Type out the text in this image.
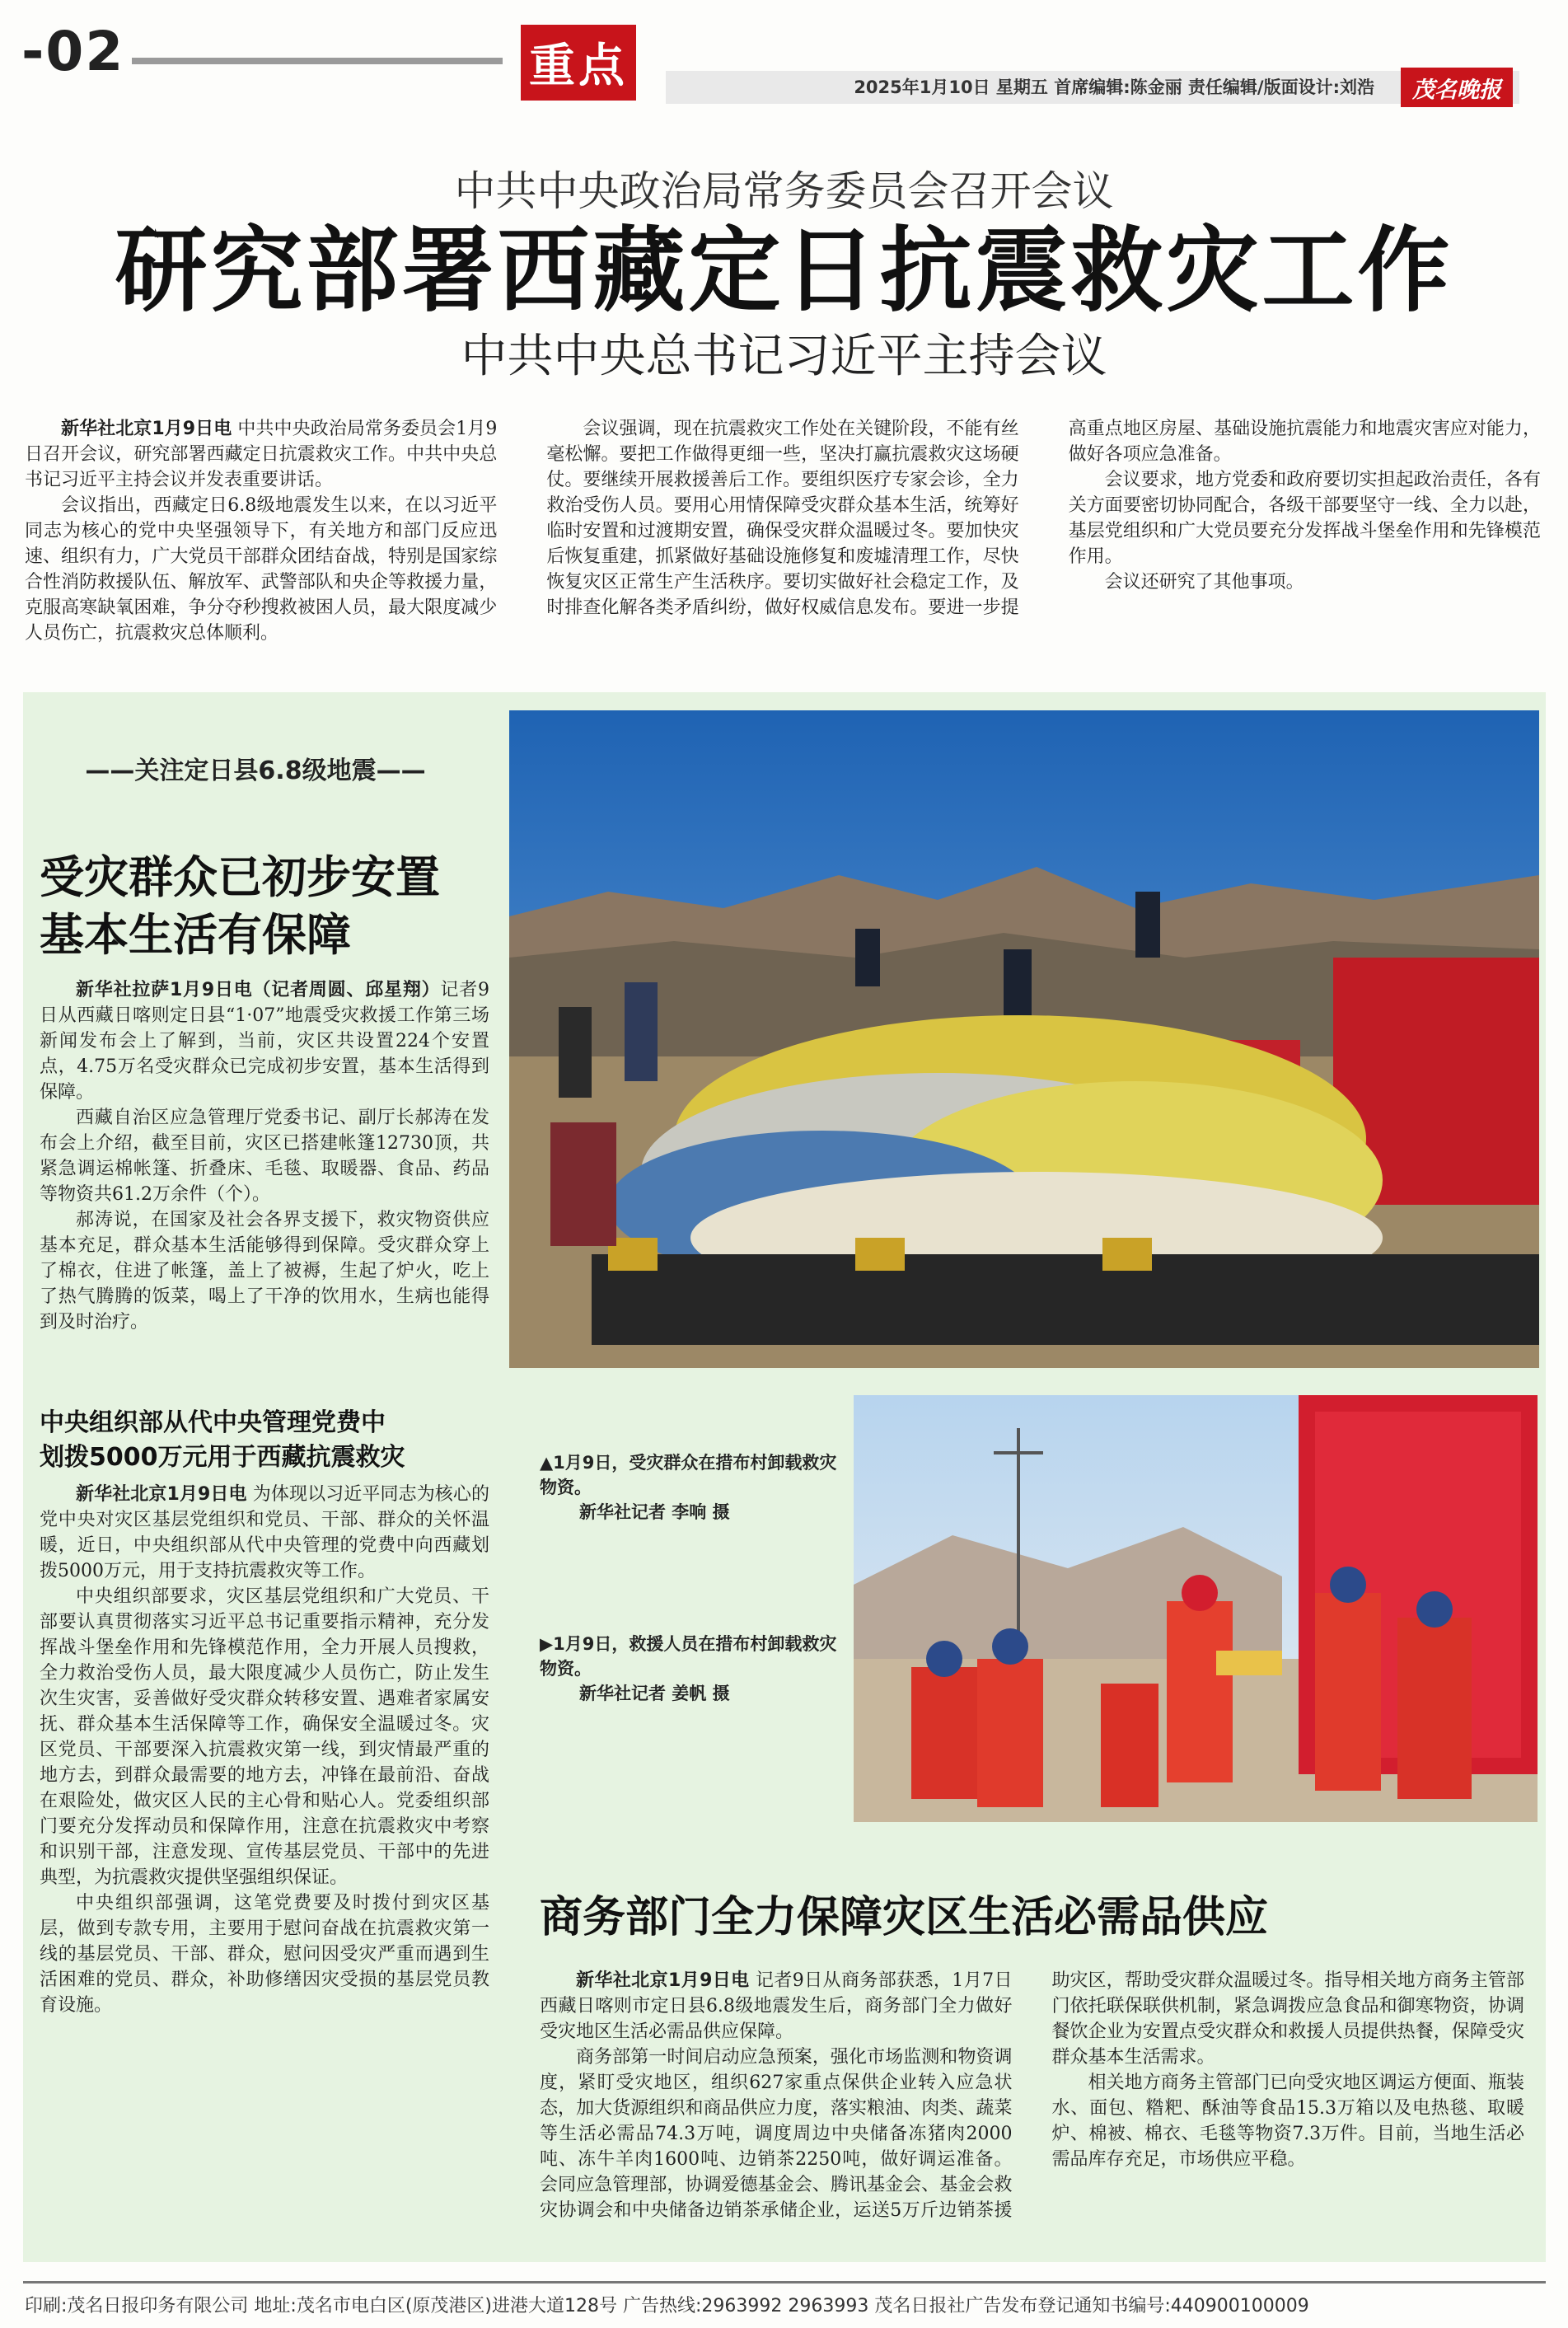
-02	重点	2025年1月10日 星期五 首席编辑:陈金丽 责任编辑/版面设计:刘浩 茂名晚报
中共中央政治局常务委员会召开会议
研究部署西藏定日抗震救灾工作
中共中央总书记习近平主持会议

新华社北京1月9日电 中共中央政治局常务委员会1月9日召开会议，研究部署西藏定日抗震救灾工作。中共中央总书记习近平主持会议并发表重要讲话。

会议指出，西藏定日6.8级地震发生以来，在以习近平同志为核心的党中央坚强领导下，有关地方和部门反应迅速、组织有力，广大党员干部群众团结奋战，特别是国家综合性消防救援队伍、解放军、武警部队和央企等救援力量，克服高寒缺氧困难，争分夺秒搜救被困人员，最大限度减少人员伤亡，抗震救灾总体顺利。

会议强调，现在抗震救灾工作处在关键阶段，不能有丝毫松懈。要把工作做得更细一些，坚决打赢抗震救灾这场硬仗。要继续开展救援善后工作。要组织医疗专家会诊，全力救治受伤人员。要用心用情保障受灾群众基本生活，统筹好临时安置和过渡期安置，确保受灾群众温暖过冬。要加快灾后恢复重建，抓紧做好基础设施修复和废墟清理工作，尽快恢复灾区正常生产生活秩序。要切实做好社会稳定工作，及时排查化解各类矛盾纠纷，做好权威信息发布。要进一步提高重点地区房屋、基础设施抗震能力和地震灾害应对能力，做好各项应急准备。

会议要求，地方党委和政府要切实担起政治责任，各有关方面要密切协同配合，各级干部要坚守一线、全力以赴，基层党组织和广大党员要充分发挥战斗堡垒作用和先锋模范作用。

会议还研究了其他事项。

——关注定日县6.8级地震——
受灾群众已初步安置
基本生活有保障

新华社拉萨1月9日电（记者周圆、邱星翔）记者9日从西藏日喀则定日县“1·07”地震受灾救援工作第三场新闻发布会上了解到，当前，灾区共设置224个安置点，4.75万名受灾群众已完成初步安置，基本生活得到保障。

西藏自治区应急管理厅党委书记、副厅长郝涛在发布会上介绍，截至目前，灾区已搭建帐篷12730顶，共紧急调运棉帐篷、折叠床、毛毯、取暖器、食品、药品等物资共61.2万余件（个）。

郝涛说，在国家及社会各界支援下，救灾物资供应基本充足，群众基本生活能够得到保障。受灾群众穿上了棉衣，住进了帐篷，盖上了被褥，生起了炉火，吃上了热气腾腾的饭菜，喝上了干净的饮用水，生病也能得到及时治疗。

中央组织部从代中央管理党费中
划拨5000万元用于西藏抗震救灾

新华社北京1月9日电 为体现以习近平同志为核心的党中央对灾区基层党组织和党员、干部、群众的关怀温暖，近日，中央组织部从代中央管理的党费中向西藏划拨5000万元，用于支持抗震救灾等工作。

中央组织部要求，灾区基层党组织和广大党员、干部要认真贯彻落实习近平总书记重要指示精神，充分发挥战斗堡垒作用和先锋模范作用，全力开展人员搜救，全力救治受伤人员，最大限度减少人员伤亡，防止发生次生灾害，妥善做好受灾群众转移安置、遇难者家属安抚、群众基本生活保障等工作，确保安全温暖过冬。灾区党员、干部要深入抗震救灾第一线，到灾情最严重的地方去，到群众最需要的地方去，冲锋在最前沿、奋战在艰险处，做灾区人民的主心骨和贴心人。党委组织部门要充分发挥动员和保障作用，注意在抗震救灾中考察和识别干部，注意发现、宣传基层党员、干部中的先进典型，为抗震救灾提供坚强组织保证。

中央组织部强调，这笔党费要及时拨付到灾区基层，做到专款专用，主要用于慰问奋战在抗震救灾第一线的基层党员、干部、群众，慰问因受灾严重而遇到生活困难的党员、群众，补助修缮因灾受损的基层党员教育设施。

▲1月9日，受灾群众在措布村卸载救灾物资。
新华社记者 李响 摄
▶1月9日，救援人员在措布村卸载救灾物资。
新华社记者 姜帆 摄
商务部门全力保障灾区生活必需品供应

新华社北京1月9日电 记者9日从商务部获悉，1月7日西藏日喀则市定日县6.8级地震发生后，商务部门全力做好受灾地区生活必需品供应保障。

商务部第一时间启动应急预案，强化市场监测和物资调度，紧盯受灾地区，组织627家重点保供企业转入应急状态，加大货源组织和商品供应力度，落实粮油、肉类、蔬菜等生活必需品74.3万吨，调度周边中央储备冻猪肉2000吨、冻牛羊肉1600吨、边销茶2250吨，做好调运准备。会同应急管理部，协调爱德基金会、腾讯基金会、基金会救灾协调会和中央储备边销茶承储企业，运送5万斤边销茶援助灾区，帮助受灾群众温暖过冬。指导相关地方商务主管部门依托联保联供机制，紧急调拨应急食品和御寒物资，协调餐饮企业为安置点受灾群众和救援人员提供热餐，保障受灾群众基本生活需求。

相关地方商务主管部门已向受灾地区调运方便面、瓶装水、面包、糌粑、酥油等食品15.3万箱以及电热毯、取暖炉、棉被、棉衣、毛毯等物资7.3万件。目前，当地生活必需品库存充足，市场供应平稳。

印刷:茂名日报印务有限公司 地址:茂名市电白区(原茂港区)进港大道128号 广告热线:2963992 2963993 茂名日报社广告发布登记通知书编号:440900100009
